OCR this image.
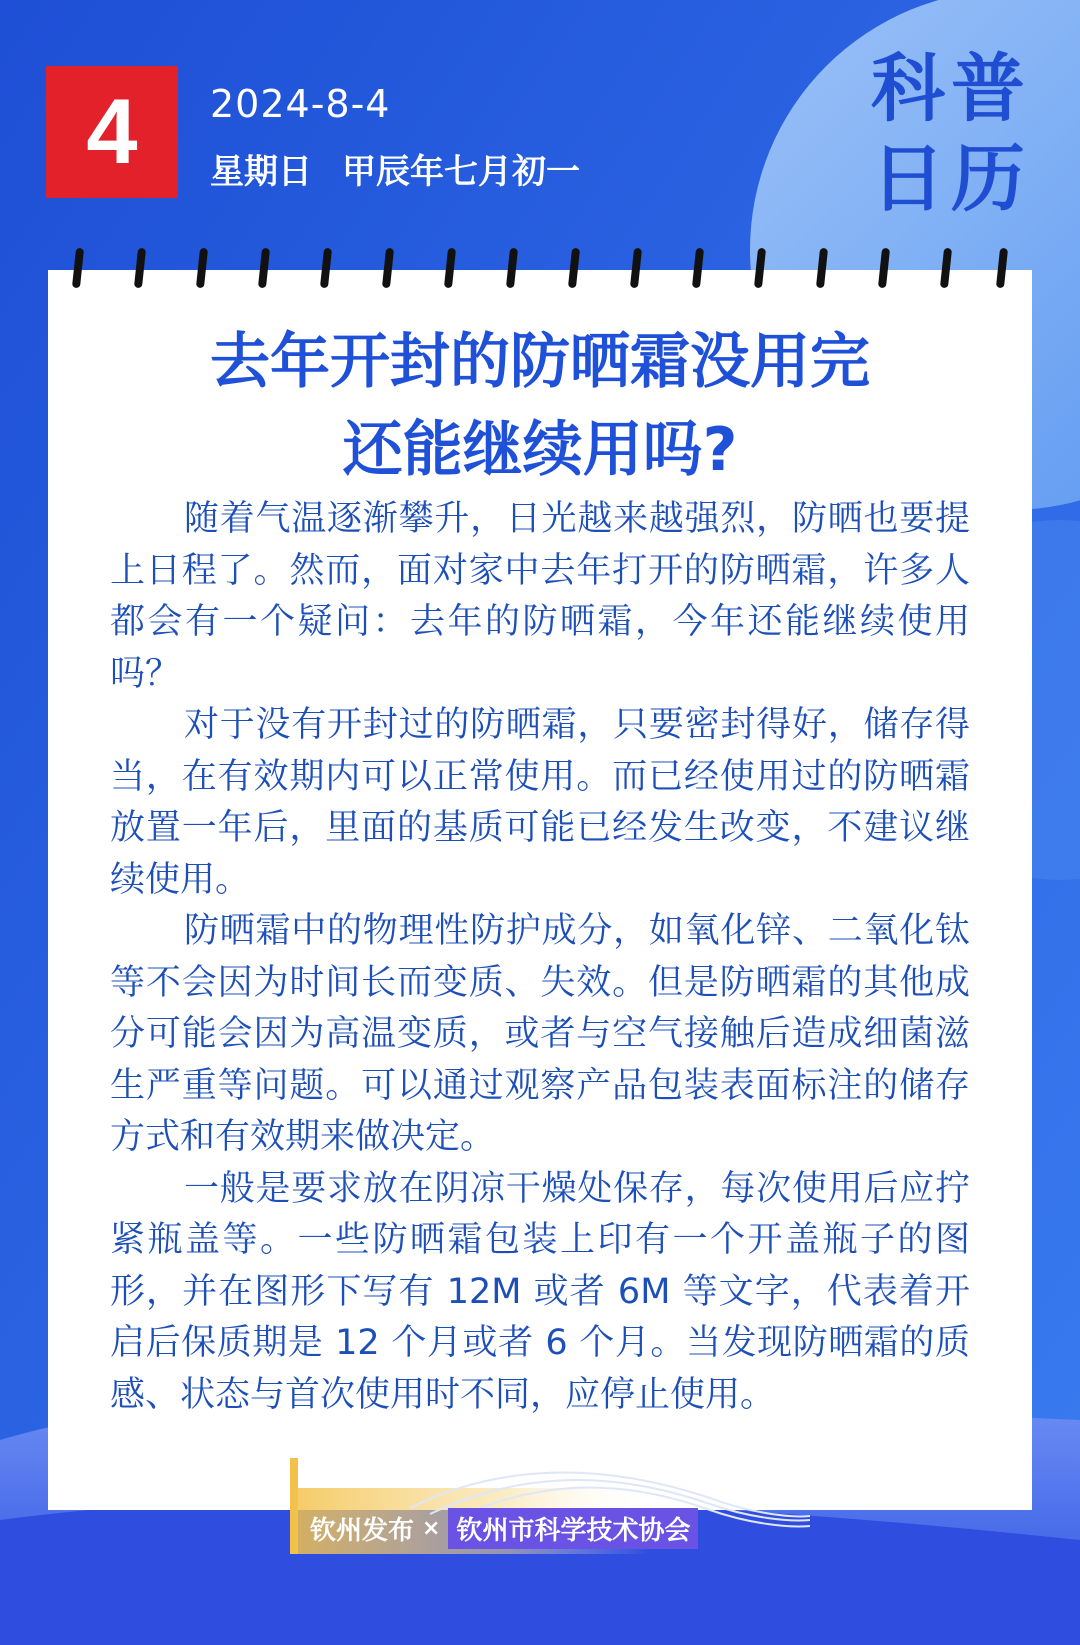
4 2024-8-4
星期日 甲辰年七月初一
科普
日历
去年开封的防晒霜没用完
还能继续用吗?

随着气温逐渐攀升，日光越来越强烈，防晒也要提上日程了。然而，面对家中去年打开的防晒霜，许多人都会有一个疑问：去年的防晒霜，今年还能继续使用吗？

对于没有开封过的防晒霜，只要密封得好，储存得当，在有效期内可以正常使用。而已经使用过的防晒霜放置一年后，里面的基质可能已经发生改变，不建议继续使用。

防晒霜中的物理性防护成分，如氧化锌、二氧化钛等不会因为时间长而变质、失效。但是防晒霜的其他成分可能会因为高温变质，或者与空气接触后造成细菌滋生严重等问题。可以通过观察产品包装表面标注的储存方式和有效期来做决定。

一般是要求放在阴凉干燥处保存，每次使用后应拧紧瓶盖等。一些防晒霜包装上印有一个开盖瓶子的图形，并在图形下写有 12M 或者 6M 等文字，代表着开启后保质期是 12 个月或者 6 个月。当发现防晒霜的质感、状态与首次使用时不同，应停止使用。

钦州发布 × 钦州市科学技术协会
